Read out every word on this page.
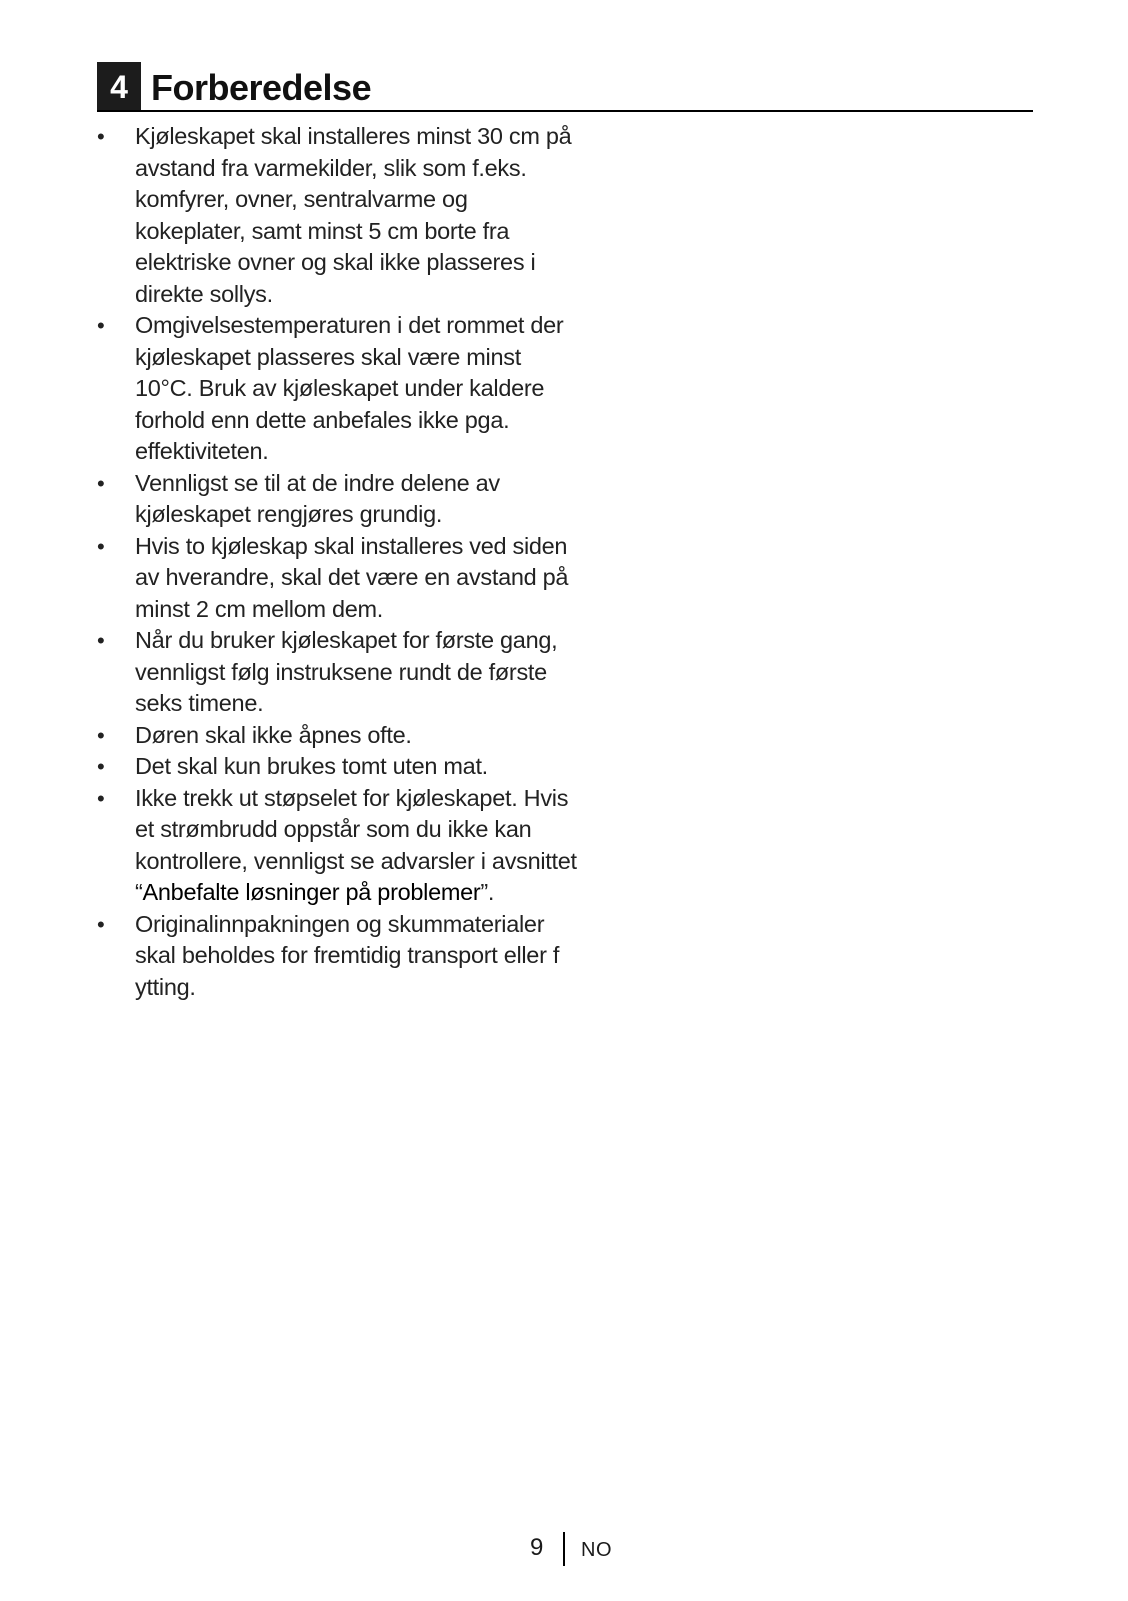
4 Forberedelse
• Kjøleskapet skal installeres minst 30 cm på avstand fra varmekilder, slik som f.eks. komfyrer, ovner, sentralvarme og kokeplater, samt minst 5 cm borte fra elektriske ovner og skal ikke plasseres i direkte sollys.
• Omgivelsestemperaturen i det rommet der kjøleskapet plasseres skal være minst 10°C. Bruk av kjøleskapet under kaldere forhold enn dette anbefales ikke pga. effektiviteten.
• Vennligst se til at de indre delene av kjøleskapet rengjøres grundig.
• Hvis to kjøleskap skal installeres ved siden av hverandre, skal det være en avstand på minst 2 cm mellom dem.
• Når du bruker kjøleskapet for første gang, vennligst følg instruksene rundt de første seks timene.
• Døren skal ikke åpnes ofte.
• Det skal kun brukes tomt uten mat.
• Ikke trekk ut støpselet for kjøleskapet. Hvis et strømbrudd oppstår som du ikke kan kontrollere, vennligst se advarsler i avsnittet “Anbefalte løsninger på problemer”.
• Originalinnpakningen og skummaterialer skal beholdes for fremtidig transport eller f ytting.
9 NO
